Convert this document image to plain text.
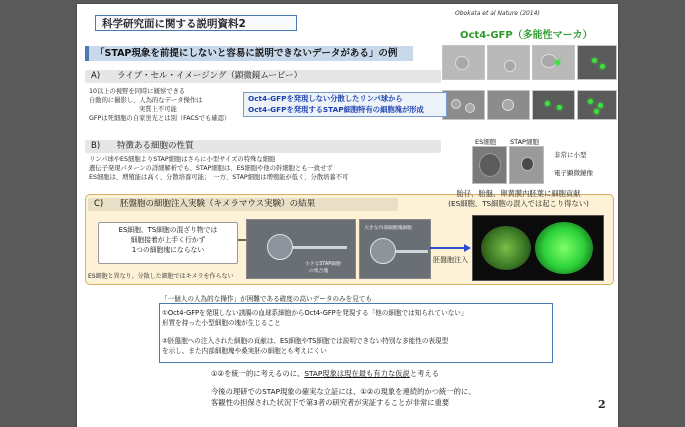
科学研究面に関する説明資料2
Obokata et al Nature (2014)
Oct4-GFP（多能性マーカ）
「STAP現象を前提にしないと容易に説明できないデータがある」の例
A) ライブ・セル・イメージング（顕微鏡ムービー）
10以上の視野を同時に観察できる
自動的に撮影し、人為的なデータ操作は
実質上不可能
GFPは死細胞の自家蛍光とは別（FACSでも確認）
Oct4-GFPを発現しない分散したリンパ球から
Oct4-GFPを発現するSTAP細胞特有の細胞塊が形成
B) 特徴ある細胞の性質
リンパ球やES細胞よりSTAP細胞はさらに小型サイズの特殊な細胞
遺伝子発現パターンの詳細解析でも、STAP細胞は、ES細胞や他の幹細胞とも一致せず
ES細胞は、増殖能は高く、分散培養可能；　一方、STAP細胞は増殖能が低く、分散培養不可
ES細胞 STAP細胞
非常に小型
電子顕微鏡像
C) 胚盤胞の細胞注入実験（キメラマウス実験）の結果
ES細胞、TS細胞の混ざり物では
細胞接着が上手く行かず
1つの細胞塊にならない
ES細胞と異なり、分散した細胞ではキメラを作らない
小さなSTAP細胞
の集合塊
大きな内部細胞塊細胞
胎仔、胎盤、卵黄膜内胚葉に細胞貢献
(ES細胞、TS細胞の混入では起こり得ない)
胚盤胞注入
「一個人の人為的な操作」が困難である確度の高いデータのみを見ても
①Oct4-GFPを発現しない誘腸の血球系細胞からOct4-GFPを発現する「他の細胞では知られていない」
形質を持った小型細胞の塊が生じること
②胚盤胞への注入された細胞の貢献は、ES細胞やTS細胞では説明できない特別な多能性の表現型
を示し、また内部細胞塊や桑実胚の細胞とも考えにくい
①②を統一的に考えるのに、STAP現象は現在最も有力な仮説と考える
今後の理研でのSTAP現象の確実な立証には、①②の現象を連続的かつ統一的に、
客観性の担保された状況下で第3者の研究者が実証することが非常に重要	2
